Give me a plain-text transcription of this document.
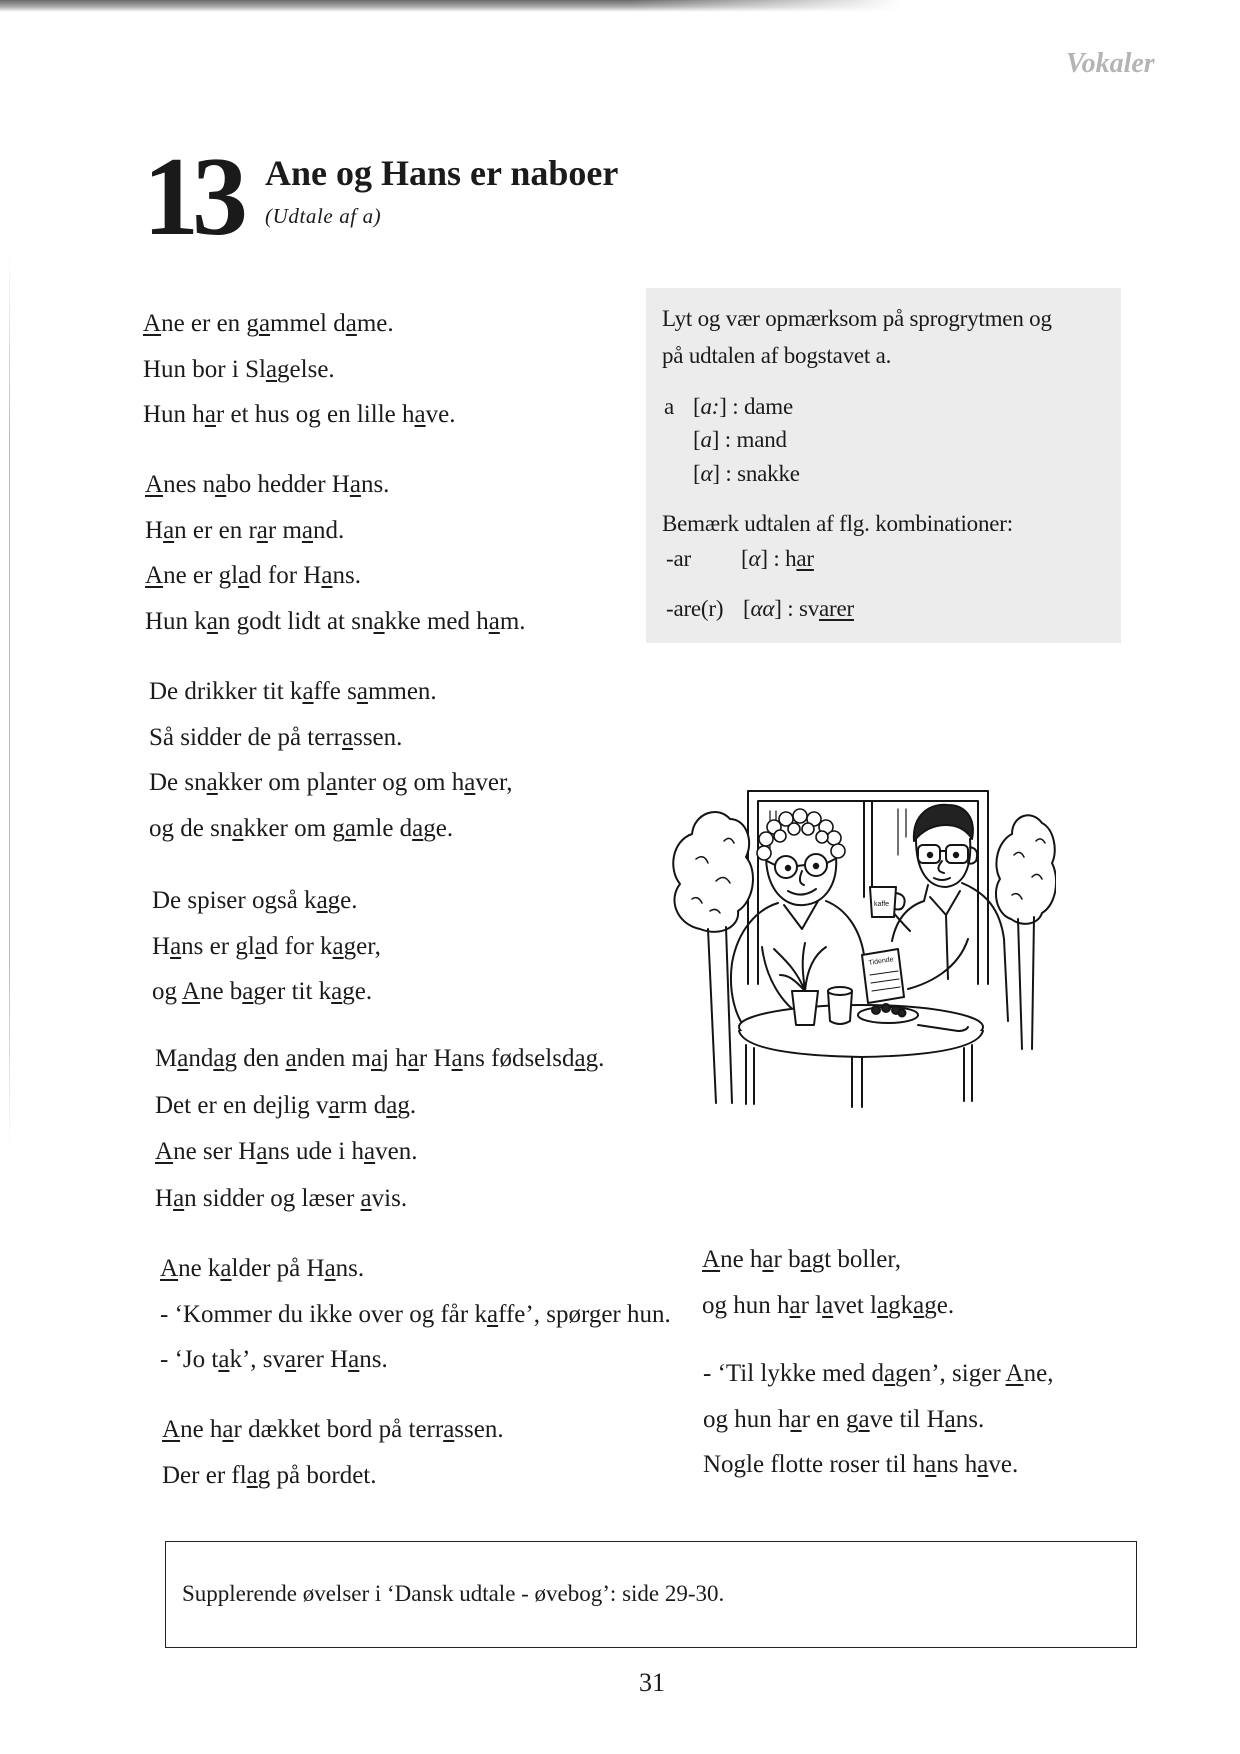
Vokaler
13 Ane og Hans er naboer
(Udtale af a)
Ane er en gammel dame.
Hun bor i Slagelse.
Hun har et hus og en lille have.
Anes nabo hedder Hans.
Han er en rar mand.
Ane er glad for Hans.
Hun kan godt lidt at snakke med ham.
De drikker tit kaffe sammen.
Så sidder de på terrassen.
De snakker om planter og om haver,
og de snakker om gamle dage.
De spiser også kage.
Hans er glad for kager,
og Ane bager tit kage.
Mandag den anden maj har Hans fødselsdag.
Det er en dejlig varm dag.
Ane ser Hans ude i haven.
Han sidder og læser avis.
Ane kalder på Hans.
- ‘Kommer du ikke over og får kaffe’, spørger hun.
- ‘Jo tak’, svarer Hans.
Ane har dækket bord på terrassen.
Der er flag på bordet.
Ane har bagt boller,
og hun har lavet lagkage.
- ‘Til lykke med dagen’, siger Ane,
og hun har en gave til Hans.
Nogle flotte roser til hans have.
Lyt og vær opmærksom på sprogrytmen og
på udtalen af bogstavet a.
a [a:] : dame
[a] : mand
[α] : snakke
Bemærk udtalen af flg. kombinationer:
-ar [α] : har
-are(r) [αα] : svarer
kaffe
Tidende
Supplerende øvelser i ‘Dansk udtale - øvebog’: side 29-30.
31
